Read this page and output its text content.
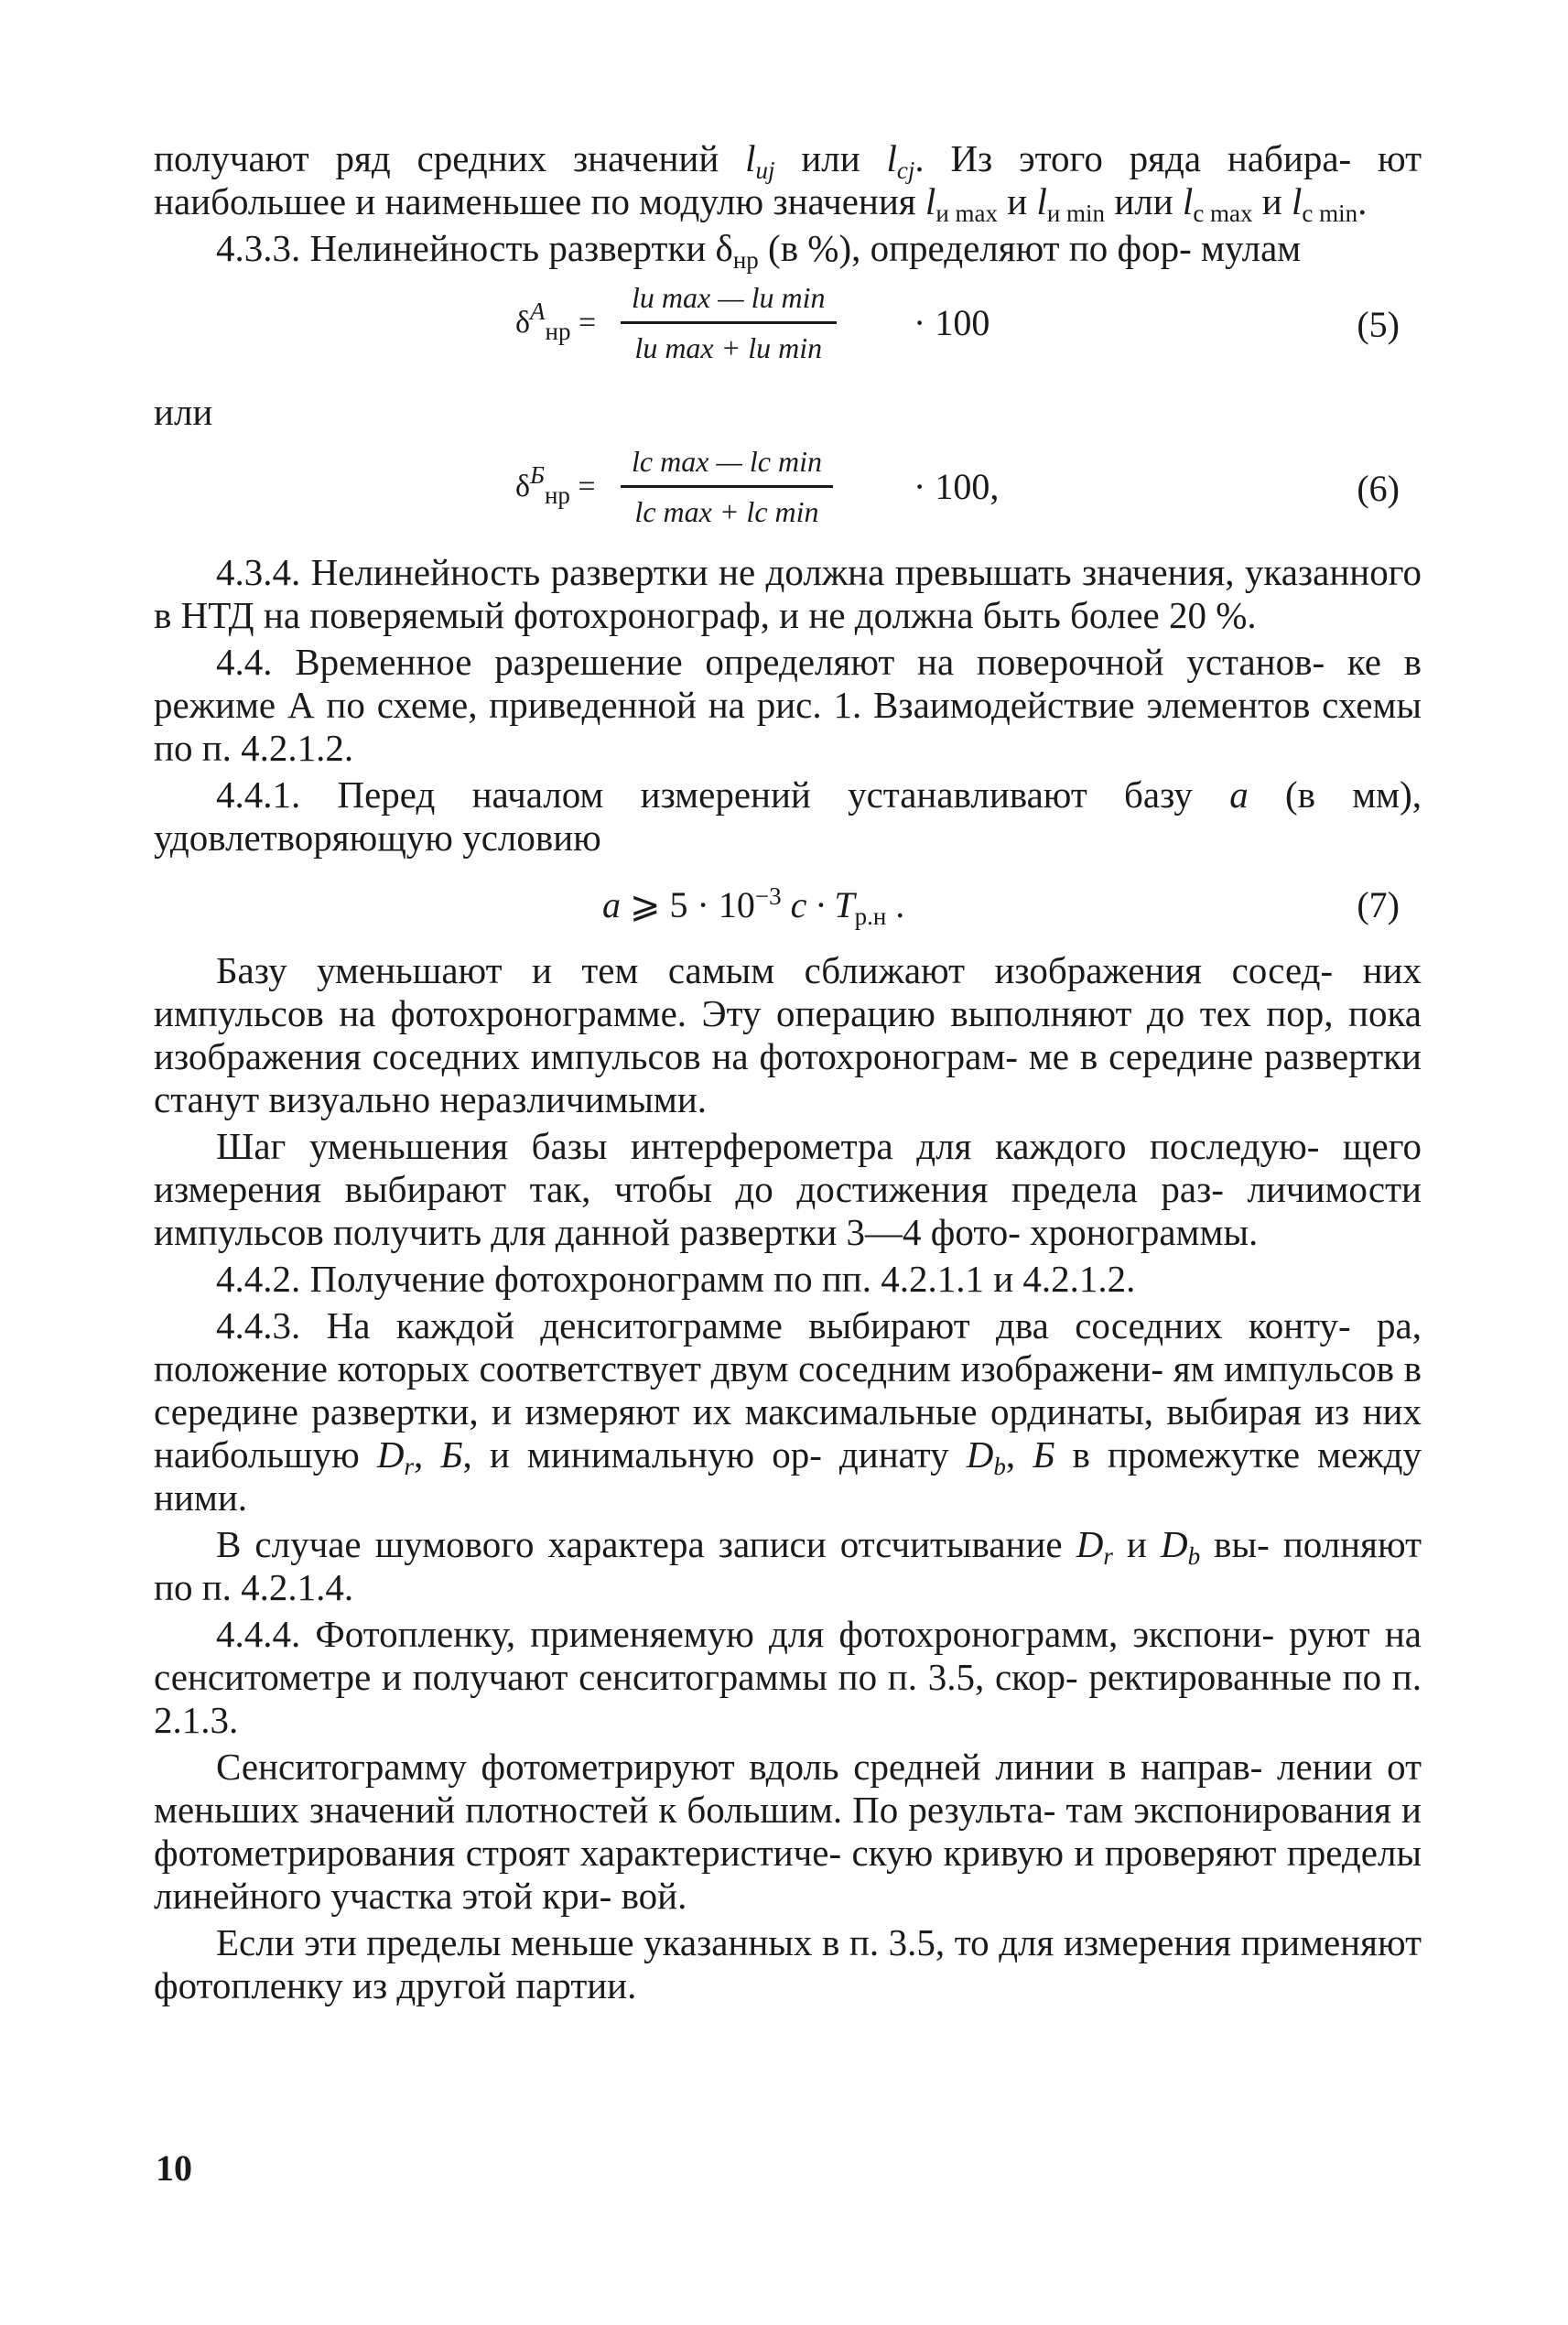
получают ряд средних значений $l_{иj}$ или $l_{cj}$. Из этого ряда набира- ют наибольшее и наименьшее по модулю значения $l_{и max}$ и $l_{и min}$ или $l_{c max}$ и $l_{c min}$.

4.3.3. Нелинейность развертки $\delta_{нр}$ (в %), определяют по фор- мулам

$\delta^A_{нр}$ =
lи max — lи min
lи max + lи min
· 100	(5)

или

$\delta^Б_{нр}$ =
lc max — lc min
lc max + lc min
· 100,	(6)

4.3.4. Нелинейность развертки не должна превышать значения, указанного в НТД на поверяемый фотохронограф, и не должна быть более 20 %.

4.4. Временное разрешение определяют на поверочной установ- ке в режиме А по схеме, приведенной на рис. 1. Взаимодействие элементов схемы по п. 4.2.1.2.

4.4.1. Перед началом измерений устанавливают базу a (в мм), удовлетворяющую условию

a ⩾ $5 \cdot 10^{-3}$ $c \cdot T_{р.н}$ .	(7)

Базу уменьшают и тем самым сближают изображения сосед- них импульсов на фотохронограмме. Эту операцию выполняют до тех пор, пока изображения соседних импульсов на фотохронограм- ме в середине развертки станут визуально неразличимыми.

Шаг уменьшения базы интерферометра для каждого последую- щего измерения выбирают так, чтобы до достижения предела раз- личимости импульсов получить для данной развертки 3—4 фото- хронограммы.

4.4.2. Получение фотохронограмм по пп. 4.2.1.1 и 4.2.1.2.

4.4.3. На каждой денситограмме выбирают два соседних конту- ра, положение которых соответствует двум соседним изображени- ям импульсов в середине развертки, и измеряют их максимальные ординаты, выбирая из них наибольшую $D_r$, Б, и минимальную ор- динату $D_b$, Б в промежутке между ними.

В случае шумового характера записи отсчитывание $D_r$ и $D_b$ вы- полняют по п. 4.2.1.4.

4.4.4. Фотопленку, применяемую для фотохронограмм, экспони- руют на сенситометре и получают сенситограммы по п. 3.5, скор- ректированные по п. 2.1.3.

Сенситограмму фотометрируют вдоль средней линии в направ- лении от меньших значений плотностей к большим. По результа- там экспонирования и фотометрирования строят характеристиче- скую кривую и проверяют пределы линейного участка этой кри- вой.

Если эти пределы меньше указанных в п. 3.5, то для измерения применяют фотопленку из другой партии.

10
